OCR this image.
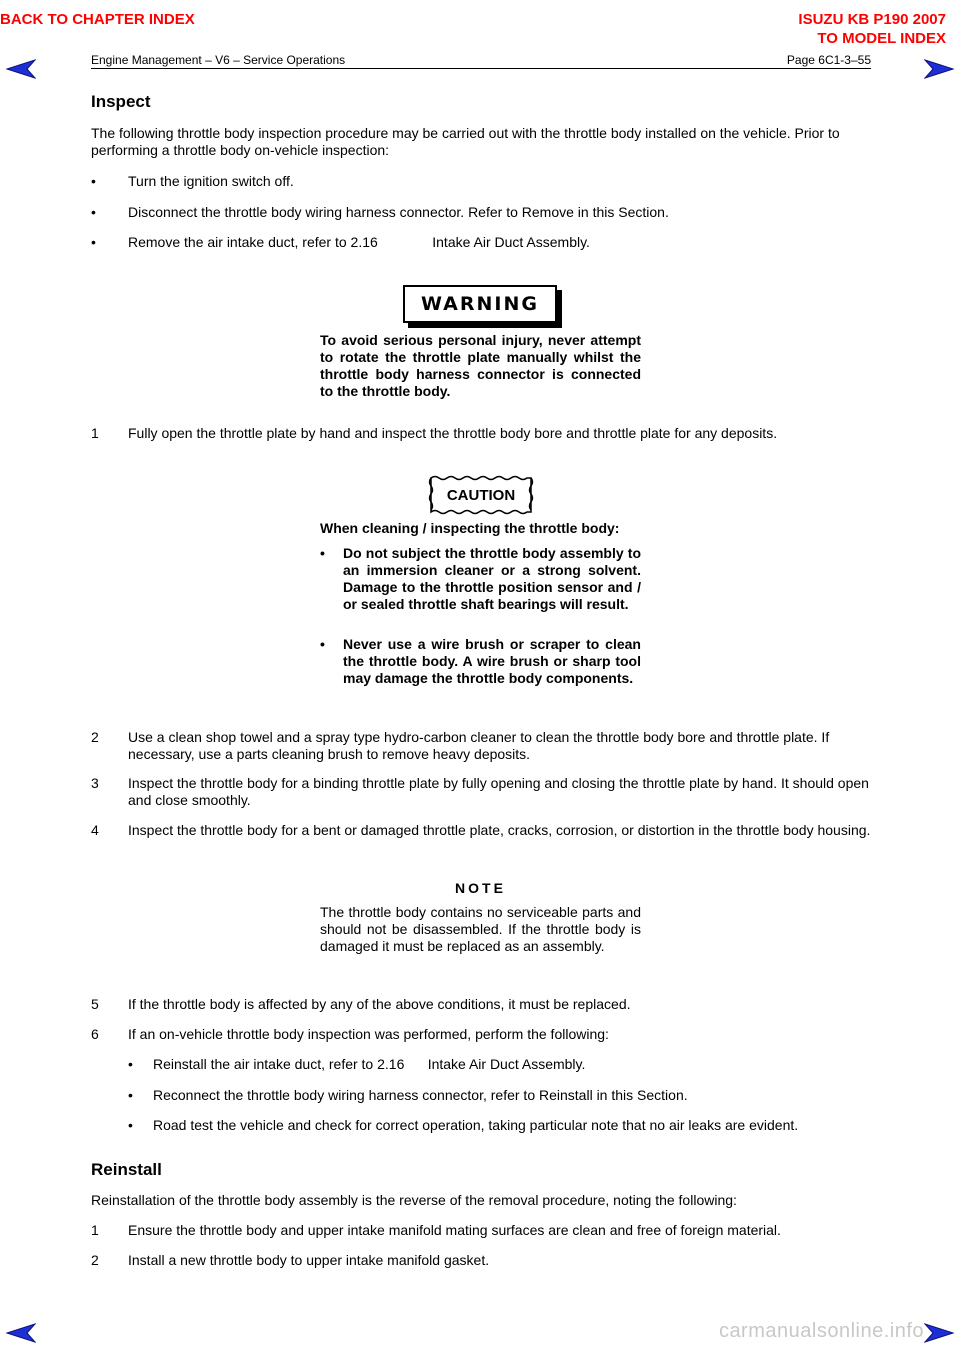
BACK TO CHAPTER INDEX	ISUZU KB P190 2007
TO MODEL INDEX
Engine Management – V6 – Service Operations	Page 6C1-3–55
Inspect
The following throttle body inspection procedure may be carried out with the throttle body installed on the vehicle. Prior to performing a throttle body on-vehicle inspection:
• Turn the ignition switch off.
• Disconnect the throttle body wiring harness connector. Refer to Remove in this Section.
• Remove the air intake duct, refer to 2.16              Intake Air Duct Assembly.
WARNING
To avoid serious personal injury, never attempt to rotate the throttle plate manually whilst the throttle body harness connector is connected to the throttle body.
1 Fully open the throttle plate by hand and inspect the throttle body bore and throttle plate for any deposits.
CAUTION
When cleaning / inspecting the throttle body:
• Do not subject the throttle body assembly to an immersion cleaner or a strong solvent. Damage to the throttle position sensor and / or sealed throttle shaft bearings will result.
• Never use a wire brush or scraper to clean the throttle body. A wire brush or sharp tool may damage the throttle body components.
2 Use a clean shop towel and a spray type hydro-carbon cleaner to clean the throttle body bore and throttle plate. If necessary, use a parts cleaning brush to remove heavy deposits.
3 Inspect the throttle body for a binding throttle plate by fully opening and closing the throttle plate by hand. It should open and close smoothly.
4 Inspect the throttle body for a bent or damaged throttle plate, cracks, corrosion, or distortion in the throttle body housing.
NOTE
The throttle body contains no serviceable parts and should not be disassembled. If the throttle body is damaged it must be replaced as an assembly.
5 If the throttle body is affected by any of the above conditions, it must be replaced.
6 If an on-vehicle throttle body inspection was performed, perform the following:
• Reinstall the air intake duct, refer to 2.16      Intake Air Duct Assembly.
• Reconnect the throttle body wiring harness connector, refer to Reinstall in this Section.
• Road test the vehicle and check for correct operation, taking particular note that no air leaks are evident.
Reinstall
Reinstallation of the throttle body assembly is the reverse of the removal procedure, noting the following:
1 Ensure the throttle body and upper intake manifold mating surfaces are clean and free of foreign material.
2 Install a new throttle body to upper intake manifold gasket.
carmanualsonline.info
